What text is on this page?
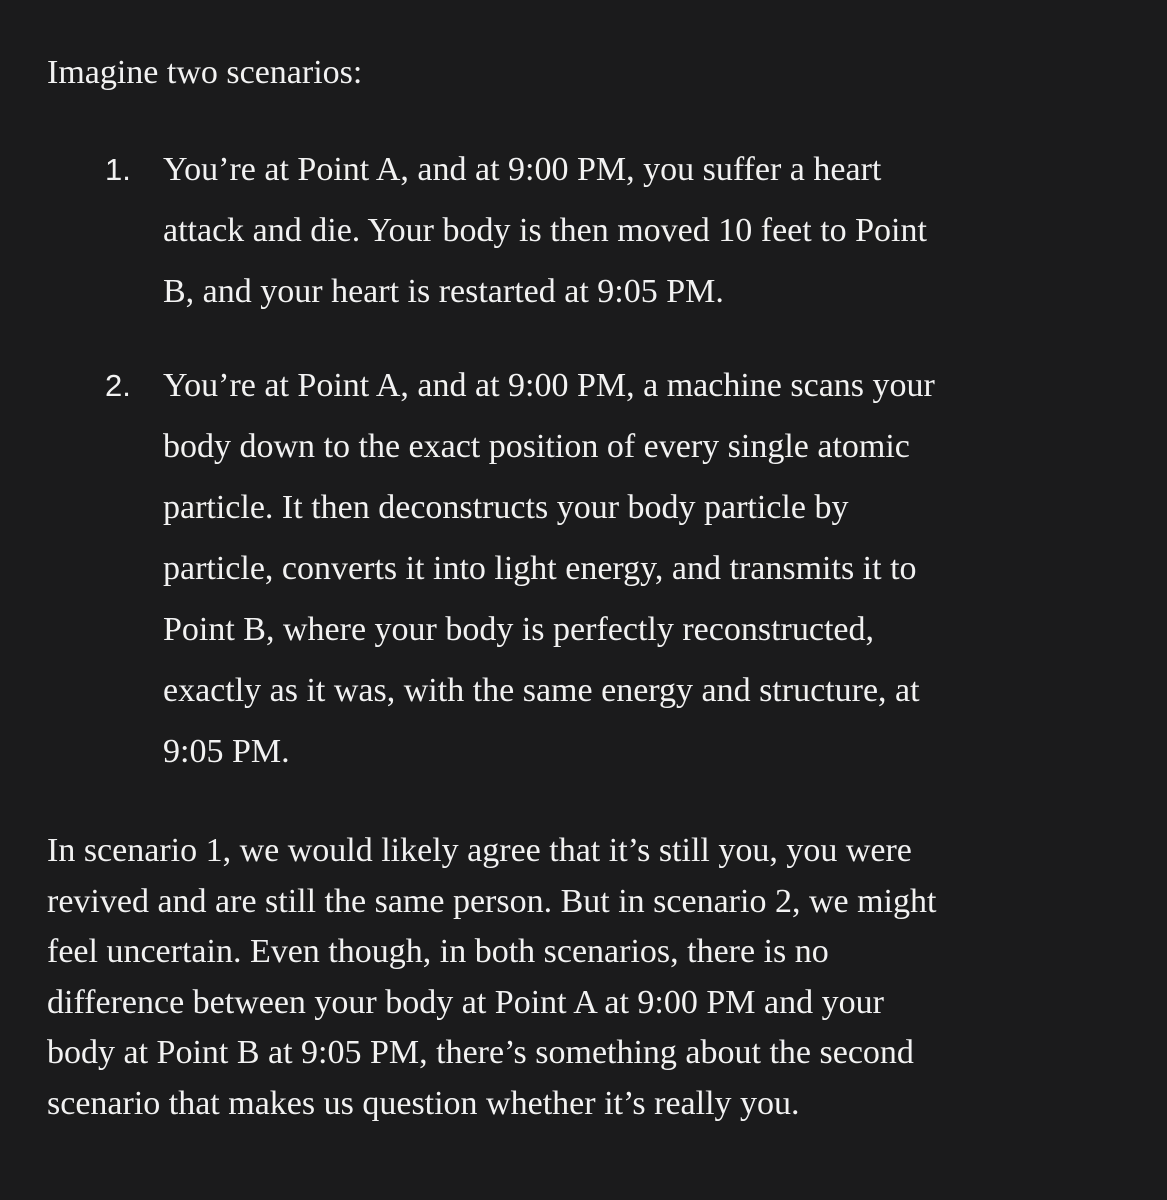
Imagine two scenarios:

1. You’re at Point A, and at 9:00 PM, you suffer a heart
attack and die. Your body is then moved 10 feet to Point
B, and your heart is restarted at 9:05 PM.

2. You’re at Point A, and at 9:00 PM, a machine scans your
body down to the exact position of every single atomic
particle. It then deconstructs your body particle by
particle, converts it into light energy, and transmits it to
Point B, where your body is perfectly reconstructed,
exactly as it was, with the same energy and structure, at
9:05 PM.

In scenario 1, we would likely agree that it’s still you, you were
revived and are still the same person. But in scenario 2, we might
feel uncertain. Even though, in both scenarios, there is no
difference between your body at Point A at 9:00 PM and your
body at Point B at 9:05 PM, there’s something about the second
scenario that makes us question whether it’s really you.
